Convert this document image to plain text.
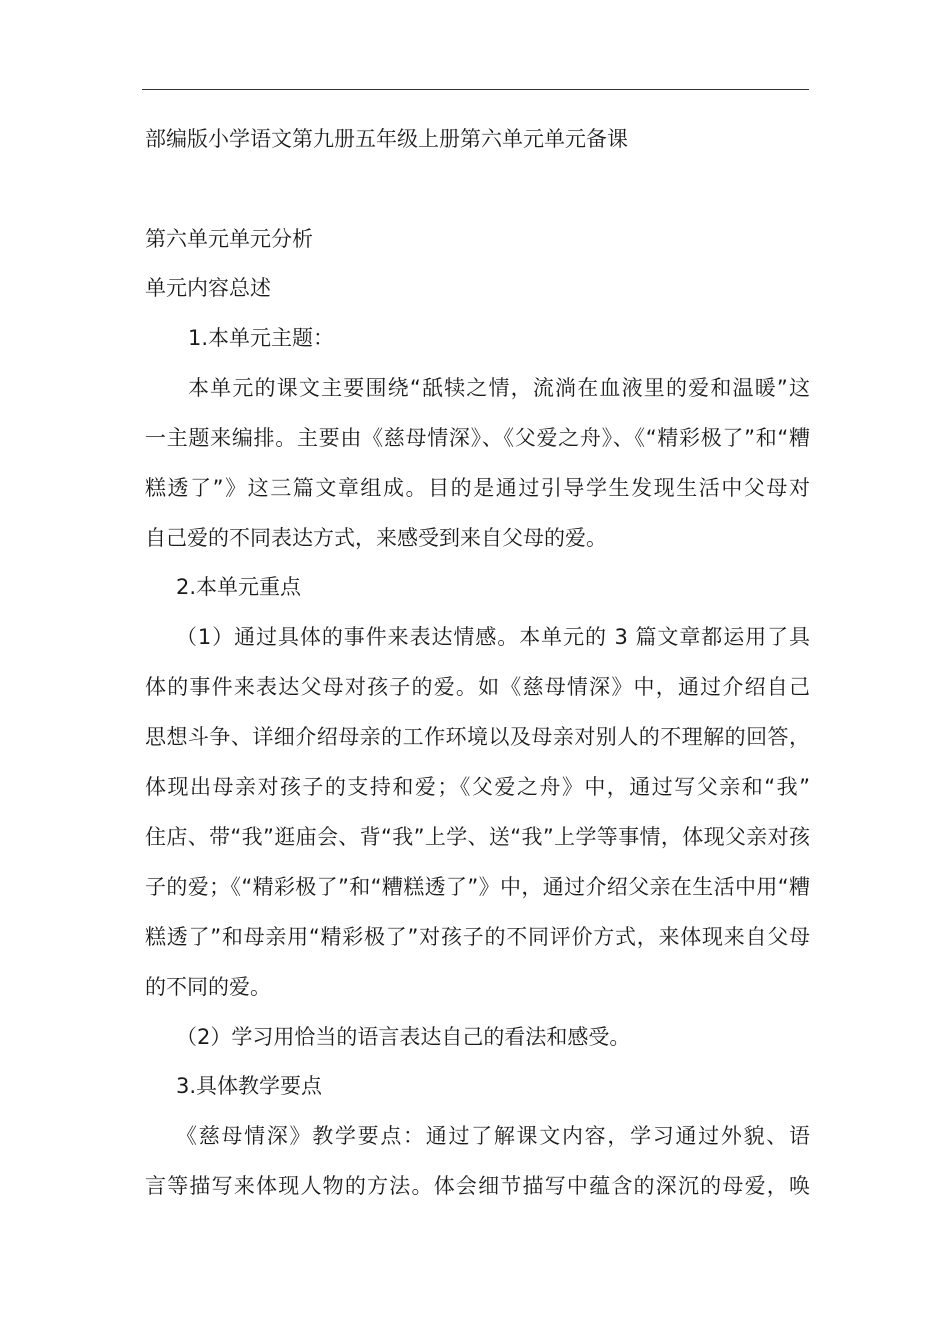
部编版小学语文第九册五年级上册第六单元单元备课
第六单元单元分析
单元内容总述
1.本单元主题：
本单元的课文主要围绕“舐犊之情，流淌在血液里的爱和温暖”这
一主题来编排。主要由《慈母情深》、《父爱之舟》、《“精彩极了”和“糟
糕透了”》这三篇文章组成。目的是通过引导学生发现生活中父母对
自己爱的不同表达方式，来感受到来自父母的爱。
2.本单元重点
（1）通过具体的事件来表达情感。本单元的 3 篇文章都运用了具
体的事件来表达父母对孩子的爱。如《慈母情深》中，通过介绍自己
思想斗争、详细介绍母亲的工作环境以及母亲对别人的不理解的回答，
体现出母亲对孩子的支持和爱；《父爱之舟》中，通过写父亲和“我”
住店、带“我”逛庙会、背“我”上学、送“我”上学等事情，体现父亲对孩
子的爱；《“精彩极了”和“糟糕透了”》中，通过介绍父亲在生活中用“糟
糕透了”和母亲用“精彩极了”对孩子的不同评价方式，来体现来自父母
的不同的爱。
（2）学习用恰当的语言表达自己的看法和感受。
3.具体教学要点
《慈母情深》教学要点：通过了解课文内容，学习通过外貌、语
言等描写来体现人物的方法。体会细节描写中蕴含的深沉的母爱，唤
